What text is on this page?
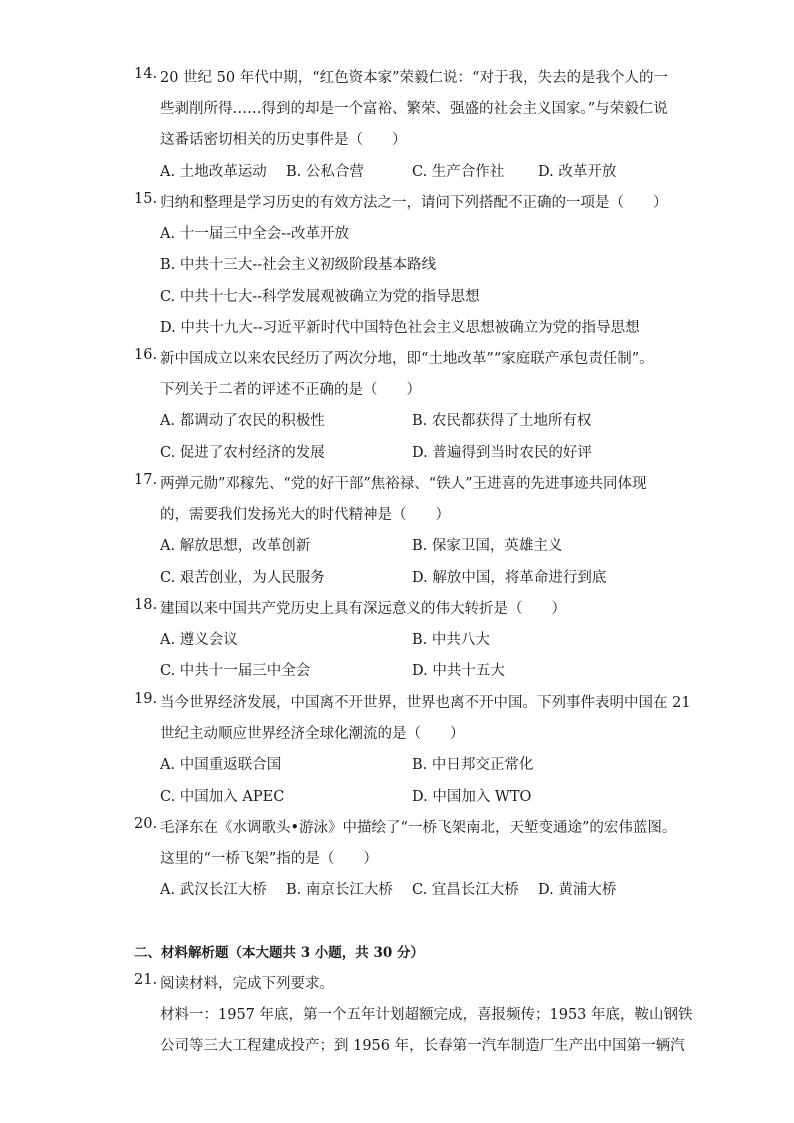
14. 20 世纪 50 年代中期，“红色资本家”荣毅仁说：“对于我，失去的是我个人的一
些剥削所得……得到的却是一个富裕、繁荣、强盛的社会主义国家。”与荣毅仁说
这番话密切相关的历史事件是（　　）
A. 土地改革运动 B. 公私合营	C. 生产合作社 D. 改革开放
15. 归纳和整理是学习历史的有效方法之一，请问下列搭配不正确的一项是（　　）
A. 十一届三中全会--改革开放
B. 中共十三大--社会主义初级阶段基本路线
C. 中共十七大--科学发展观被确立为党的指导思想
D. 中共十九大--习近平新时代中国特色社会主义思想被确立为党的指导思想
16. 新中国成立以来农民经历了两次分地，即“土地改革”“家庭联产承包责任制”。
下列关于二者的评述不正确的是（　　）
A. 都调动了农民的积极性	B. 农民都获得了土地所有权
C. 促进了农村经济的发展	D. 普遍得到当时农民的好评
17. 两弹元勋”邓稼先、“党的好干部”焦裕禄、“铁人”王进喜的先进事迹共同体现
的，需要我们发扬光大的时代精神是（　　）
A. 解放思想，改革创新	B. 保家卫国，英雄主义
C. 艰苦创业，为人民服务	D. 解放中国，将革命进行到底
18. 建国以来中国共产党历史上具有深远意义的伟大转折是（　　）
A. 遵义会议	B. 中共八大
C. 中共十一届三中全会	D. 中共十五大
19. 当今世界经济发展，中国离不开世界，世界也离不开中国。下列事件表明中国在 21
世纪主动顺应世界经济全球化潮流的是（　　）
A. 中国重返联合国	B. 中日邦交正常化
C. 中国加入 APEC	D. 中国加入 WTO
20. 毛泽东在《水调歌头•游泳》中描绘了“一桥飞架南北，天堑变通途”的宏伟蓝图。
这里的“一桥飞架”指的是（　　）
A. 武汉长江大桥 B. 南京长江大桥 C. 宜昌长江大桥 D. 黄浦大桥
二、材料解析题（本大题共 3 小题，共 30 分）
21. 阅读材料，完成下列要求。
材料一：1957 年底，第一个五年计划超额完成，喜报频传；1953 年底，鞍山钢铁
公司等三大工程建成投产；到 1956 年，长春第一汽车制造厂生产出中国第一辆汽
